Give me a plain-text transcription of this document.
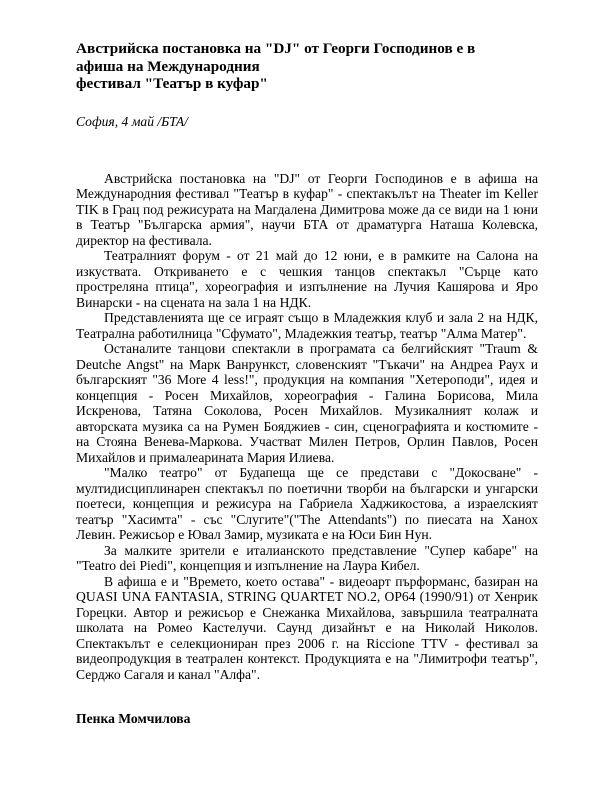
Австрийска постановка на "DJ" от Георги Господинов е в
афиша на Международния
фестивал "Театър в куфар"

София, 4 май /БТА/

Австрийска постановка на "DJ" от Георги Господинов е в афиша на Международния фестивал "Театър в куфар" - спектакълът на Theater im Keller TIK в Грац под режисурата на Магдалена Димитрова може да се види на 1 юни в Театър "Българска армия", научи БТА от драматурга Наташа Колевска, директор на фестивала.

Театралният форум - от 21 май до 12 юни, е в рамките на Салона на изкуствата. Откриването е с чешкия танцов спектакъл "Сърце като прострeляна птица", хореография и изпълнение на Лучия Кашярова и Яро Винарски - на сцената на зала 1 на НДК.

Представленията ще се играят също в Младежкия клуб и зала 2 на НДК, Театрална работилница "Сфумато", Младежкия театър, театър "Алма Матер".

Останалите танцови спектакли в програмата са белгийският "Traum & Deutche Angst" на Марк Ванрункст, словенският "Тъкачи" на Андреа Раух и българският "36 More 4 less!", продукция на компания "Хетероподи", идея и концепция - Росен Михайлов, хореография - Галина Борисова, Мила Искренова, Татяна Соколова, Росен Михайлов. Музикалният колаж и авторската музика са на Румен Бояджиев - син, сценографията и костюмите - на Стояна Венева-Маркова. Участват Милен Петров, Орлин Павлов, Росен Михайлов и прималеарината Мария Илиева.

"Малко театро" от Будапеща ще се представи с "Докосване" - мултидисциплинарен спектакъл по поетични творби на български и унгарски поетеси, концепция и режисура на Габриела Хаджикостова, а израелският театър "Хасимта" - със "Слугите"("The Attendants") по пиесата на Ханох Левин. Режисьор е Ювал Замир, музиката е на Юси Бин Нун.

За малките зрители е италианското представление "Супер кабаре" на "Teatro dei Piedi", концепция и изпълнение на Лаура Кибел.

В афиша е и "Времето, което остава" - видеоарт пърформанс, базиран на QUASI UNA FANTASIA, STRING QUARTET NO.2, OP64 (1990/91) от Хенрик Горецки. Автор и режисьор е Снежанка Михайлова, завършила театралната школата на Ромео Кастелучи. Саунд дизайнът е на Николай Николов. Спектакълът е селекциониран през 2006 г. на Riccione TTV - фестивал за видеопродукция в театрален контекст. Продукцията е на "Лимитрофи театър", Серджо Сагаля и канал "Алфа".

Пенка Момчилова
